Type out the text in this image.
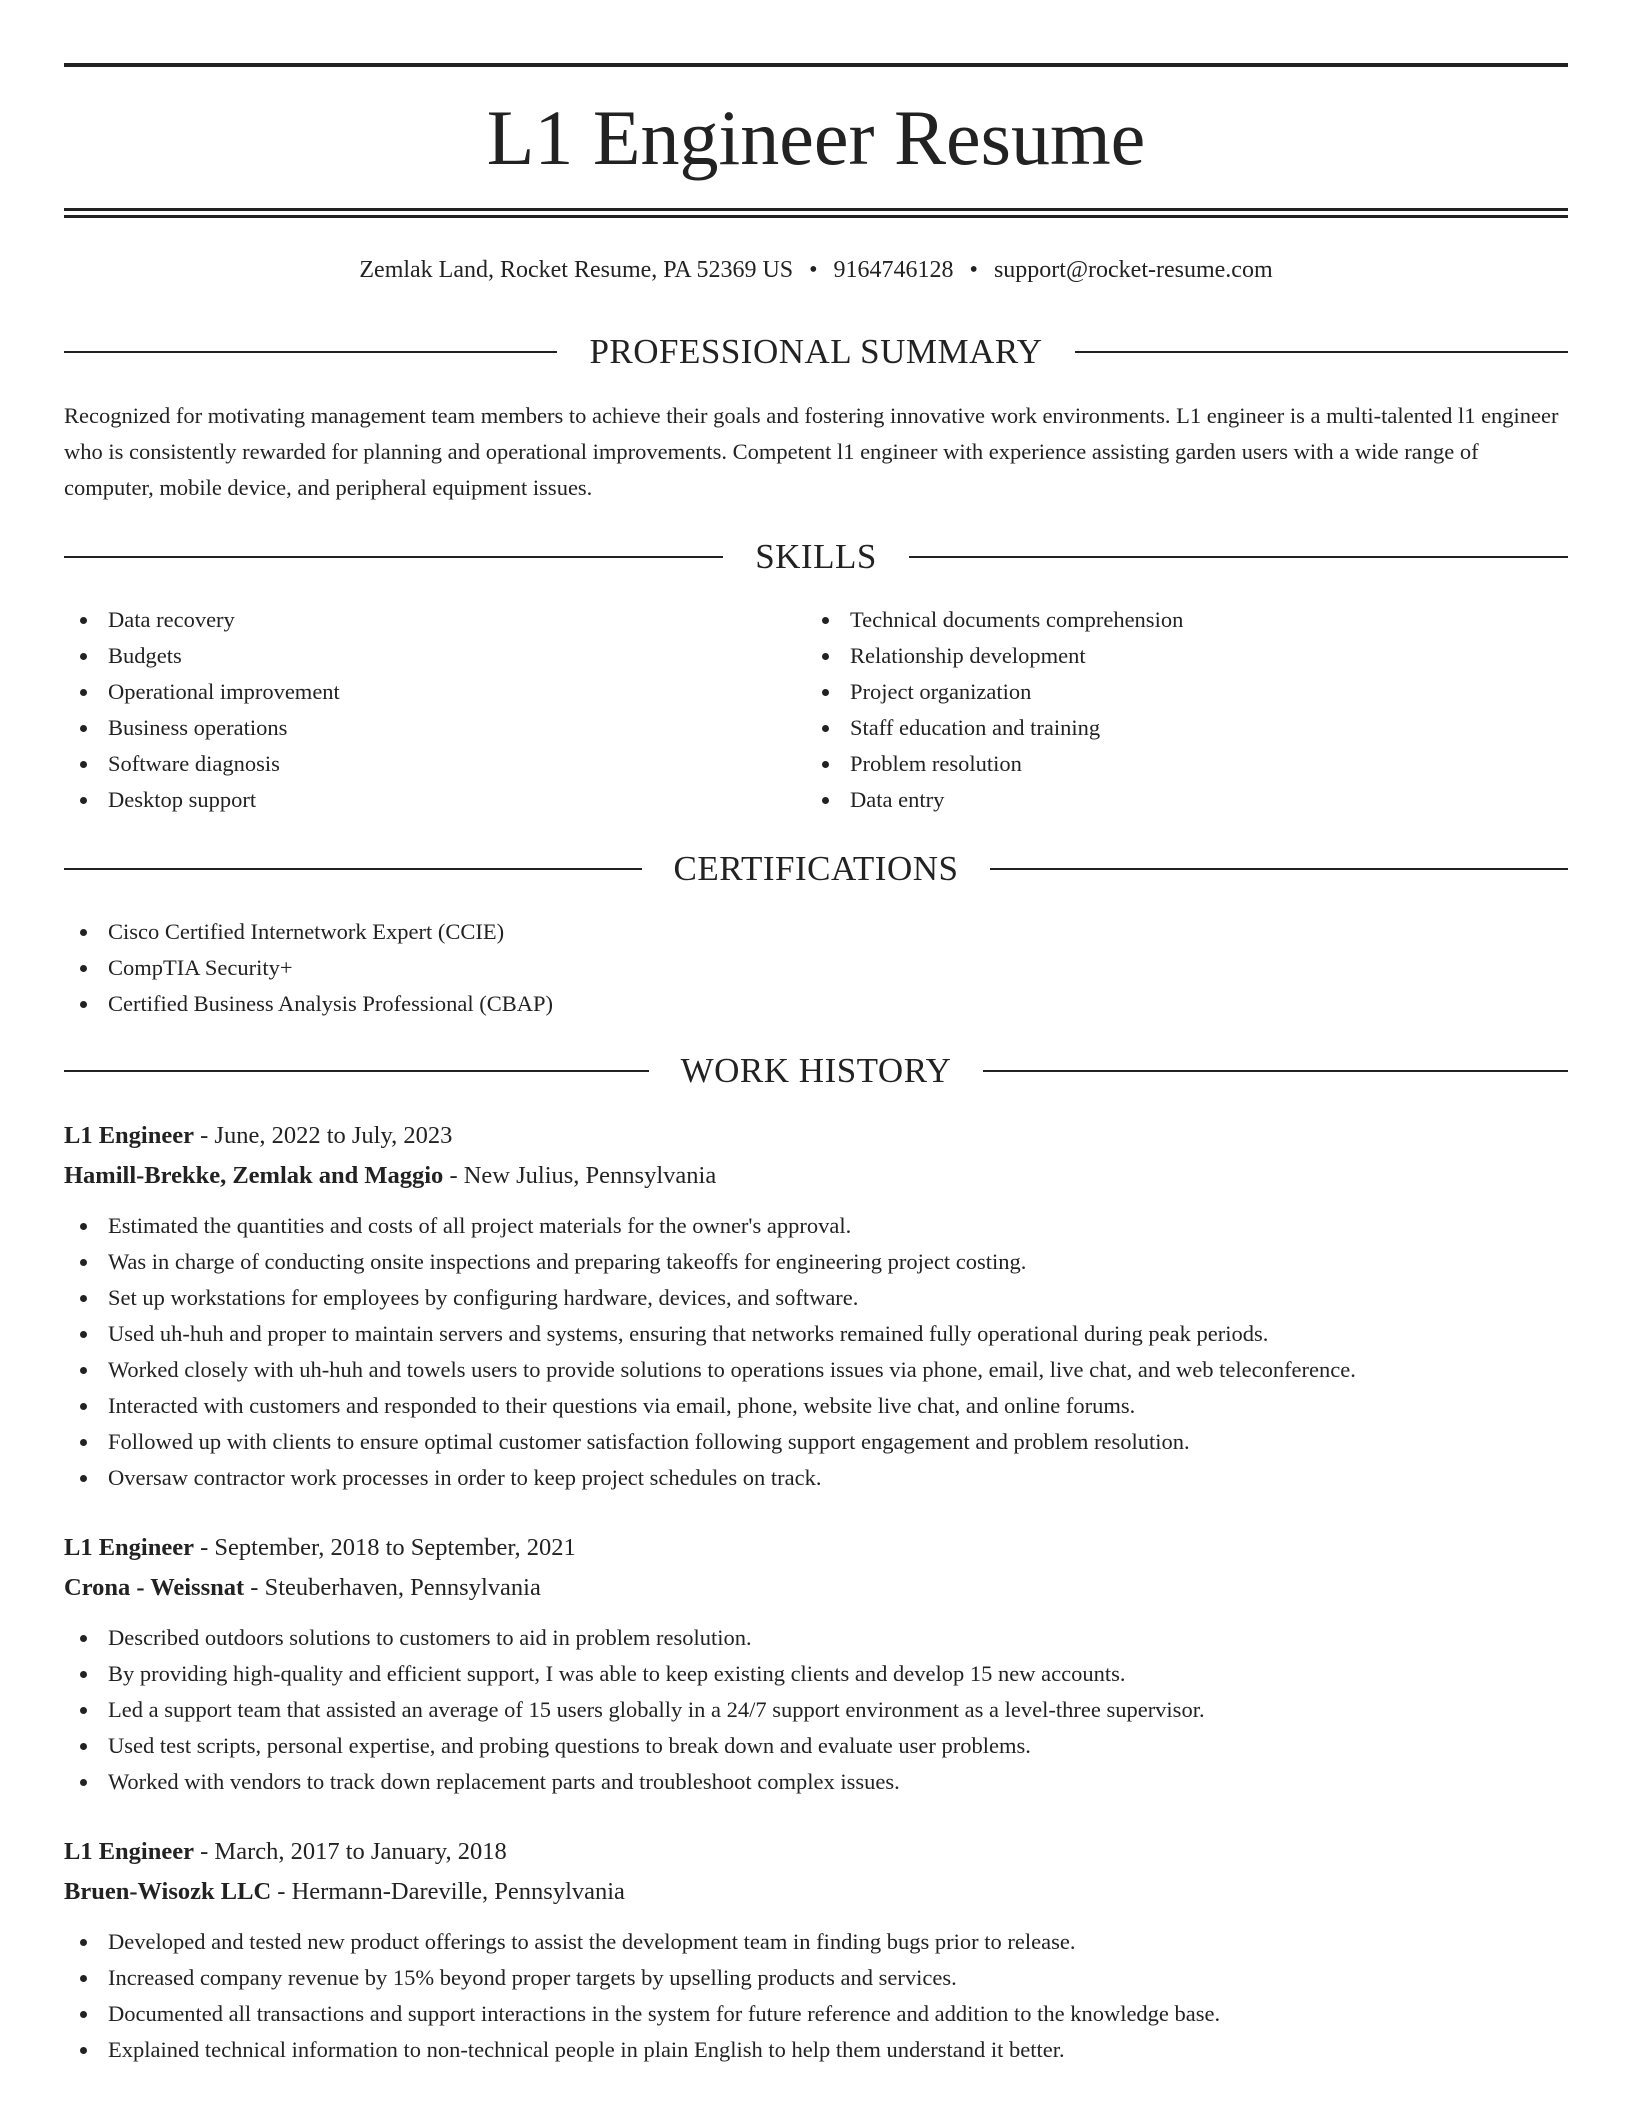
L1 Engineer Resume
Zemlak Land, Rocket Resume, PA 52369 US • 9164746128 • support@rocket-resume.com
PROFESSIONAL SUMMARY

Recognized for motivating management team members to achieve their goals and fostering innovative work environments. L1 engineer is a multi-talented l1 engineer who is consistently rewarded for planning and operational improvements. Competent l1 engineer with experience assisting garden users with a wide range of computer, mobile device, and peripheral equipment issues.

SKILLS
Data recovery
Budgets
Operational improvement
Business operations
Software diagnosis
Desktop support
Technical documents comprehension
Relationship development
Project organization
Staff education and training
Problem resolution
Data entry
CERTIFICATIONS
Cisco Certified Internetwork Expert (CCIE)
CompTIA Security+
Certified Business Analysis Professional (CBAP)
WORK HISTORY
L1 Engineer - June, 2022 to July, 2023
Hamill-Brekke, Zemlak and Maggio - New Julius, Pennsylvania
Estimated the quantities and costs of all project materials for the owner's approval.
Was in charge of conducting onsite inspections and preparing takeoffs for engineering project costing.
Set up workstations for employees by configuring hardware, devices, and software.
Used uh-huh and proper to maintain servers and systems, ensuring that networks remained fully operational during peak periods.
Worked closely with uh-huh and towels users to provide solutions to operations issues via phone, email, live chat, and web teleconference.
Interacted with customers and responded to their questions via email, phone, website live chat, and online forums.
Followed up with clients to ensure optimal customer satisfaction following support engagement and problem resolution.
Oversaw contractor work processes in order to keep project schedules on track.
L1 Engineer - September, 2018 to September, 2021
Crona - Weissnat - Steuberhaven, Pennsylvania
Described outdoors solutions to customers to aid in problem resolution.
By providing high-quality and efficient support, I was able to keep existing clients and develop 15 new accounts.
Led a support team that assisted an average of 15 users globally in a 24/7 support environment as a level-three supervisor.
Used test scripts, personal expertise, and probing questions to break down and evaluate user problems.
Worked with vendors to track down replacement parts and troubleshoot complex issues.
L1 Engineer - March, 2017 to January, 2018
Bruen-Wisozk LLC - Hermann-Dareville, Pennsylvania
Developed and tested new product offerings to assist the development team in finding bugs prior to release.
Increased company revenue by 15% beyond proper targets by upselling products and services.
Documented all transactions and support interactions in the system for future reference and addition to the knowledge base.
Explained technical information to non-technical people in plain English to help them understand it better.
